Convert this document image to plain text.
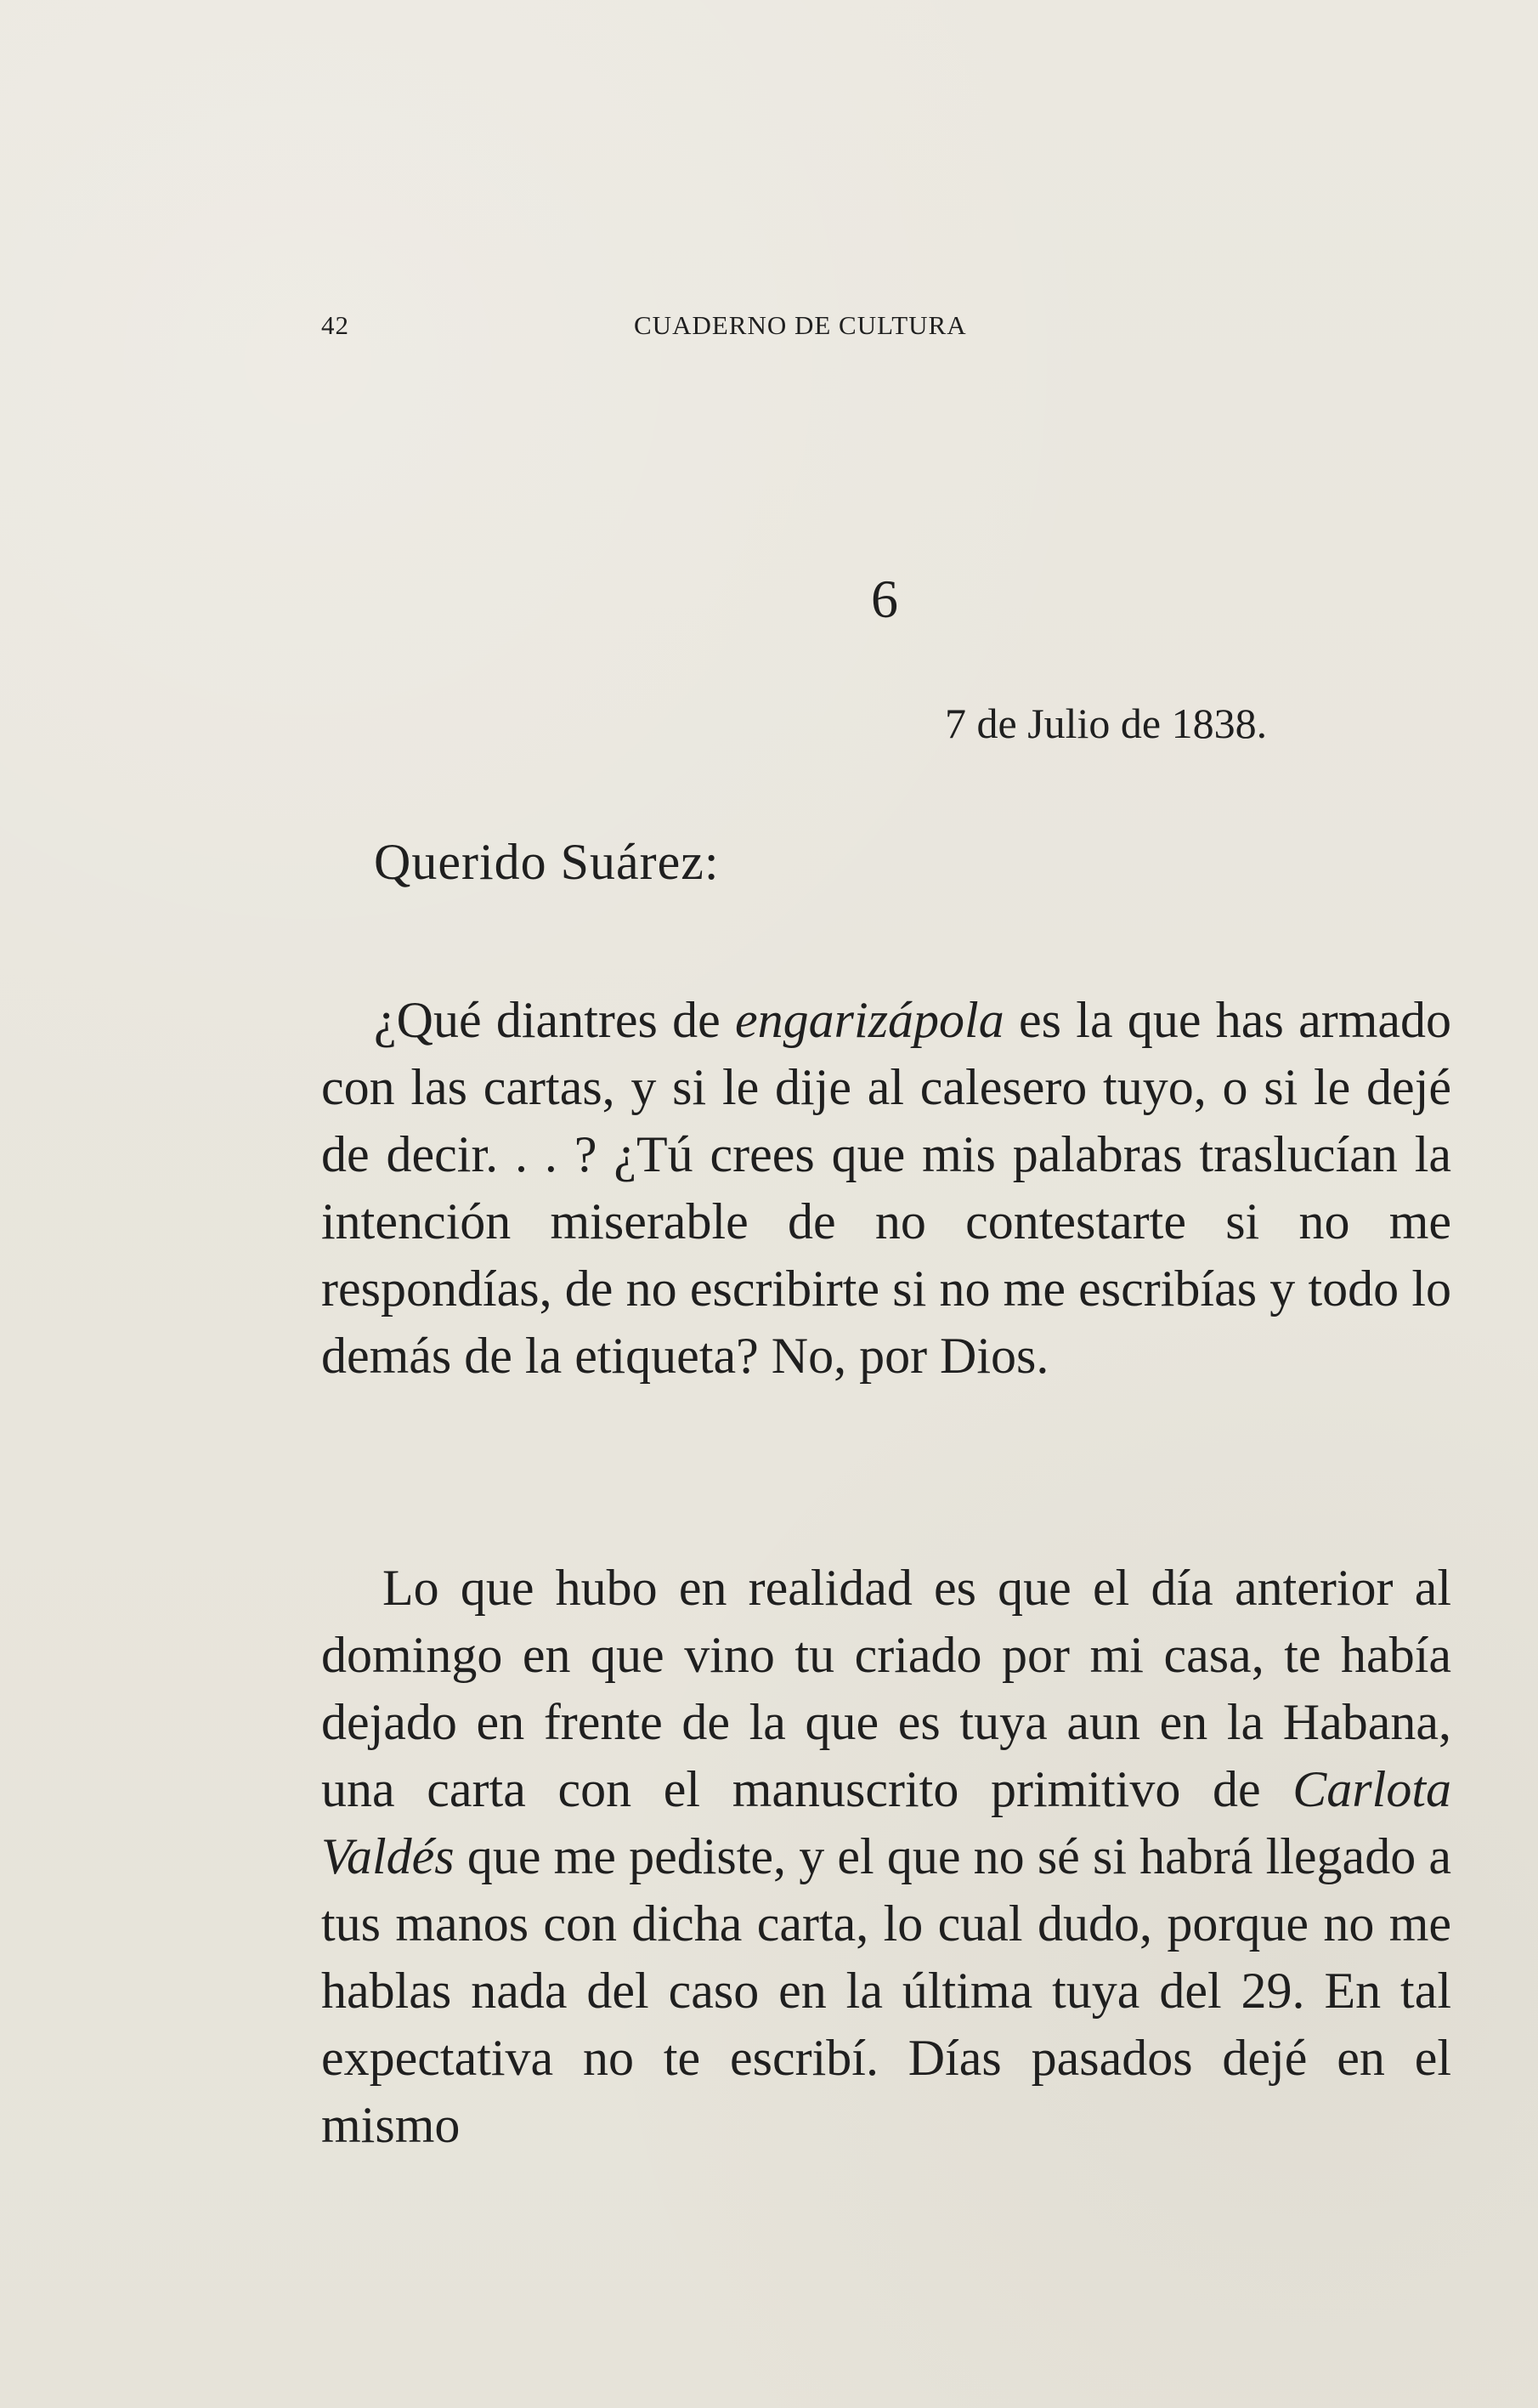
42	CUADERNO DE CULTURA
6
7 de Julio de 1838.
Querido Suárez:

¿Qué diantres de engarizápola es la que has armado con las cartas, y si le dije al calesero tuyo, o si le dejé de decir. . . ? ¿Tú crees que mis palabras traslucían la intención miserable de no contestarte si no me respondías, de no escribirte si no me escribías y todo lo demás de la etiqueta? No, por Dios.

Lo que hubo en realidad es que el día anterior al domingo en que vino tu criado por mi casa, te había dejado en frente de la que es tuya aun en la Habana, una carta con el manuscrito primitivo de Carlota Valdés que me pediste, y el que no sé si habrá llegado a tus manos con dicha carta, lo cual dudo, porque no me hablas nada del caso en la última tuya del 29. En tal expectativa no te escribí. Días pasados dejé en el mismo
